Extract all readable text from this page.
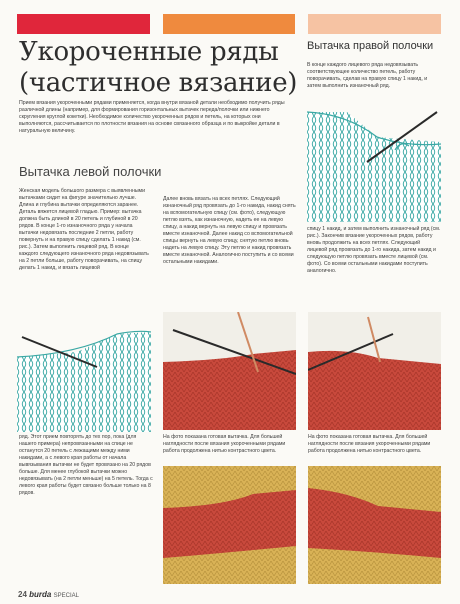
Укороченные ряды

(частичное вязание)

Вытачка правой полочки

В конце каждого лицевого ряда недовязывать соответствующее количество петель, работу поворачивать, сделав на правую спицу 1 накид, и затем выполнить изнаночный ряд.

спицу 1 накид, и затем выполнить изнаночный ряд (см. рис.). Закончив вязание укороченных рядов, работу вновь продолжить на всех петлях. Следующий лицевой ряд провязать до 1-го накида, затем накид и следующую петлю провязать вместе лицевой (см. фото). Со всеми остальными накидами поступить аналогично.

Прием вязания укороченными рядами применяется, когда внутри вязаной детали необходимо получить ряды различной длины (например, для формирования горизонтальных вытачек переда/полочки или нижнего скругления круглой кокетки). Необходимое количество укороченных рядов и петель, на которых они выполняются, рассчитывается по плотности вязания на основе связанного образца и по выкройке детали в натуральную величину.

Вытачка левой полочки

Женская модель большого размера с выявленными вытачками сидит на фигуре значительно лучше. Длина и глубина вытачки определяются заранее. Деталь вяжется лицевой гладью. Пример: вытачка должна быть длиной в 20 петель и глубиной в 20 рядов. В конце 1-го изнаночного ряда у начала вытачки недовязать последние 2 петли, работу повернуть и на правую спицу сделать 1 накид (см. рис.). Затем выполнить лицевой ряд. В конце каждого следующего изнаночного ряда недовязывать на 2 петли больше, работу поворачивать, на спицу делать 1 накид, и вязать лицевой

Далее вновь вязать на всех петлях. Следующий изнаночный ряд провязать до 1-го накида, накид снять на вспомогательную спицу (см. фото), следующую петлю взять, как изнаночную, надеть ее на левую спицу, а накид вернуть на левую спицу и провязать вместе изнаночной. Далее накид со вспомогательной спицы вернуть на левую спицу, снятую петлю вновь надеть на левую спицу. Эту петлю и накид провязать вместе изнаночной. Аналогично поступить и со всеми остальными накидами.

ряд. Этот прием повторять до тех пор, пока (для нашего примера) непровязанными на спице не останутся 20 петель с лежащими между ними накидами, а с левого края работы от начала вывязывания вытачки не будет провязано на 20 рядов больше. Для менее глубокой вытачки можно недовязывать (на 2 петли меньше) на 5 петель. Тогда с левого края работы будет связано больше только на 8 рядов.

На фото показана готовая вытачка. Для большей наглядности после вязания укороченными рядами работа продолжена нитью контрастного цвета.

На фото показана готовая вытачка. Для большей наглядности после вязания укороченными рядами работа продолжена нитью контрастного цвета.

24 burda SPECIAL
